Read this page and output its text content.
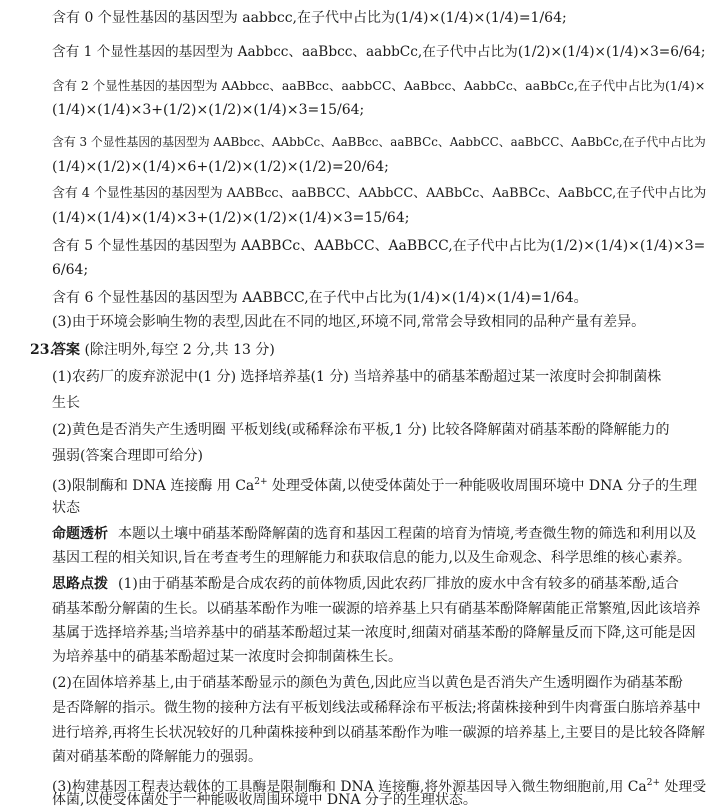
含有 0 个显性基因的基因型为 aabbcc,在子代中占比为(1/4)×(1/4)×(1/4)=1/64;
含有 1 个显性基因的基因型为 Aabbcc、aaBbcc、aabbCc,在子代中占比为(1/2)×(1/4)×(1/4)×3=6/64;
含有 2 个显性基因的基因型为 AAbbcc、aaBBcc、aabbCC、AaBbcc、AabbCc、aaBbCc,在子代中占比为(1/4)×
(1/4)×(1/4)×3+(1/2)×(1/2)×(1/4)×3=15/64;
含有 3 个显性基因的基因型为 AABbcc、AAbbCc、AaBBcc、aaBBCc、AabbCC、aaBbCC、AaBbCc,在子代中占比为
(1/4)×(1/2)×(1/4)×6+(1/2)×(1/2)×(1/2)=20/64;
含有 4 个显性基因的基因型为 AABBcc、aaBBCC、AAbbCC、AABbCc、AaBBCc、AaBbCC,在子代中占比为
(1/4)×(1/4)×(1/4)×3+(1/2)×(1/2)×(1/4)×3=15/64;
含有 5 个显性基因的基因型为 AABBCc、AABbCC、AaBBCC,在子代中占比为(1/2)×(1/4)×(1/4)×3=
6/64;
含有 6 个显性基因的基因型为 AABBCC,在子代中占比为(1/4)×(1/4)×(1/4)=1/64。
(3)由于环境会影响生物的表型,因此在不同的地区,环境不同,常常会导致相同的品种产量有差异。
23.
答案 (除注明外,每空 2 分,共 13 分)
(1)农药厂的废弃淤泥中(1 分) 选择培养基(1 分) 当培养基中的硝基苯酚超过某一浓度时会抑制菌株
生长
(2)黄色是否消失产生透明圈 平板划线(或稀释涂布平板,1 分) 比较各降解菌对硝基苯酚的降解能力的
强弱(答案合理即可给分)
(3)限制酶和 DNA 连接酶 用 $Ca^{2+}$ 处理受体菌,以使受体菌处于一种能吸收周围环境中 DNA 分子的生理
状态
命题透析 本题以土壤中硝基苯酚降解菌的选育和基因工程菌的培育为情境,考查微生物的筛选和利用以及
基因工程的相关知识,旨在考查考生的理解能力和获取信息的能力,以及生命观念、科学思维的核心素养。
思路点拨 (1)由于硝基苯酚是合成农药的前体物质,因此农药厂排放的废水中含有较多的硝基苯酚,适合
硝基苯酚分解菌的生长。以硝基苯酚作为唯一碳源的培养基上只有硝基苯酚降解菌能正常繁殖,因此该培养
基属于选择培养基;当培养基中的硝基苯酚超过某一浓度时,细菌对硝基苯酚的降解量反而下降,这可能是因
为培养基中的硝基苯酚超过某一浓度时会抑制菌株生长。
(2)在固体培养基上,由于硝基苯酚显示的颜色为黄色,因此应当以黄色是否消失产生透明圈作为硝基苯酚
是否降解的指示。微生物的接种方法有平板划线法或稀释涂布平板法;将菌株接种到牛肉膏蛋白胨培养基中
进行培养,再将生长状况较好的几种菌株接种到以硝基苯酚作为唯一碳源的培养基上,主要目的是比较各降解
菌对硝基苯酚的降解能力的强弱。
(3)构建基因工程表达载体的工具酶是限制酶和 DNA 连接酶,将外源基因导入微生物细胞前,用 $Ca^{2+}$ 处理受
体菌,以使受体菌处于一种能吸收周围环境中 DNA 分子的生理状态。
